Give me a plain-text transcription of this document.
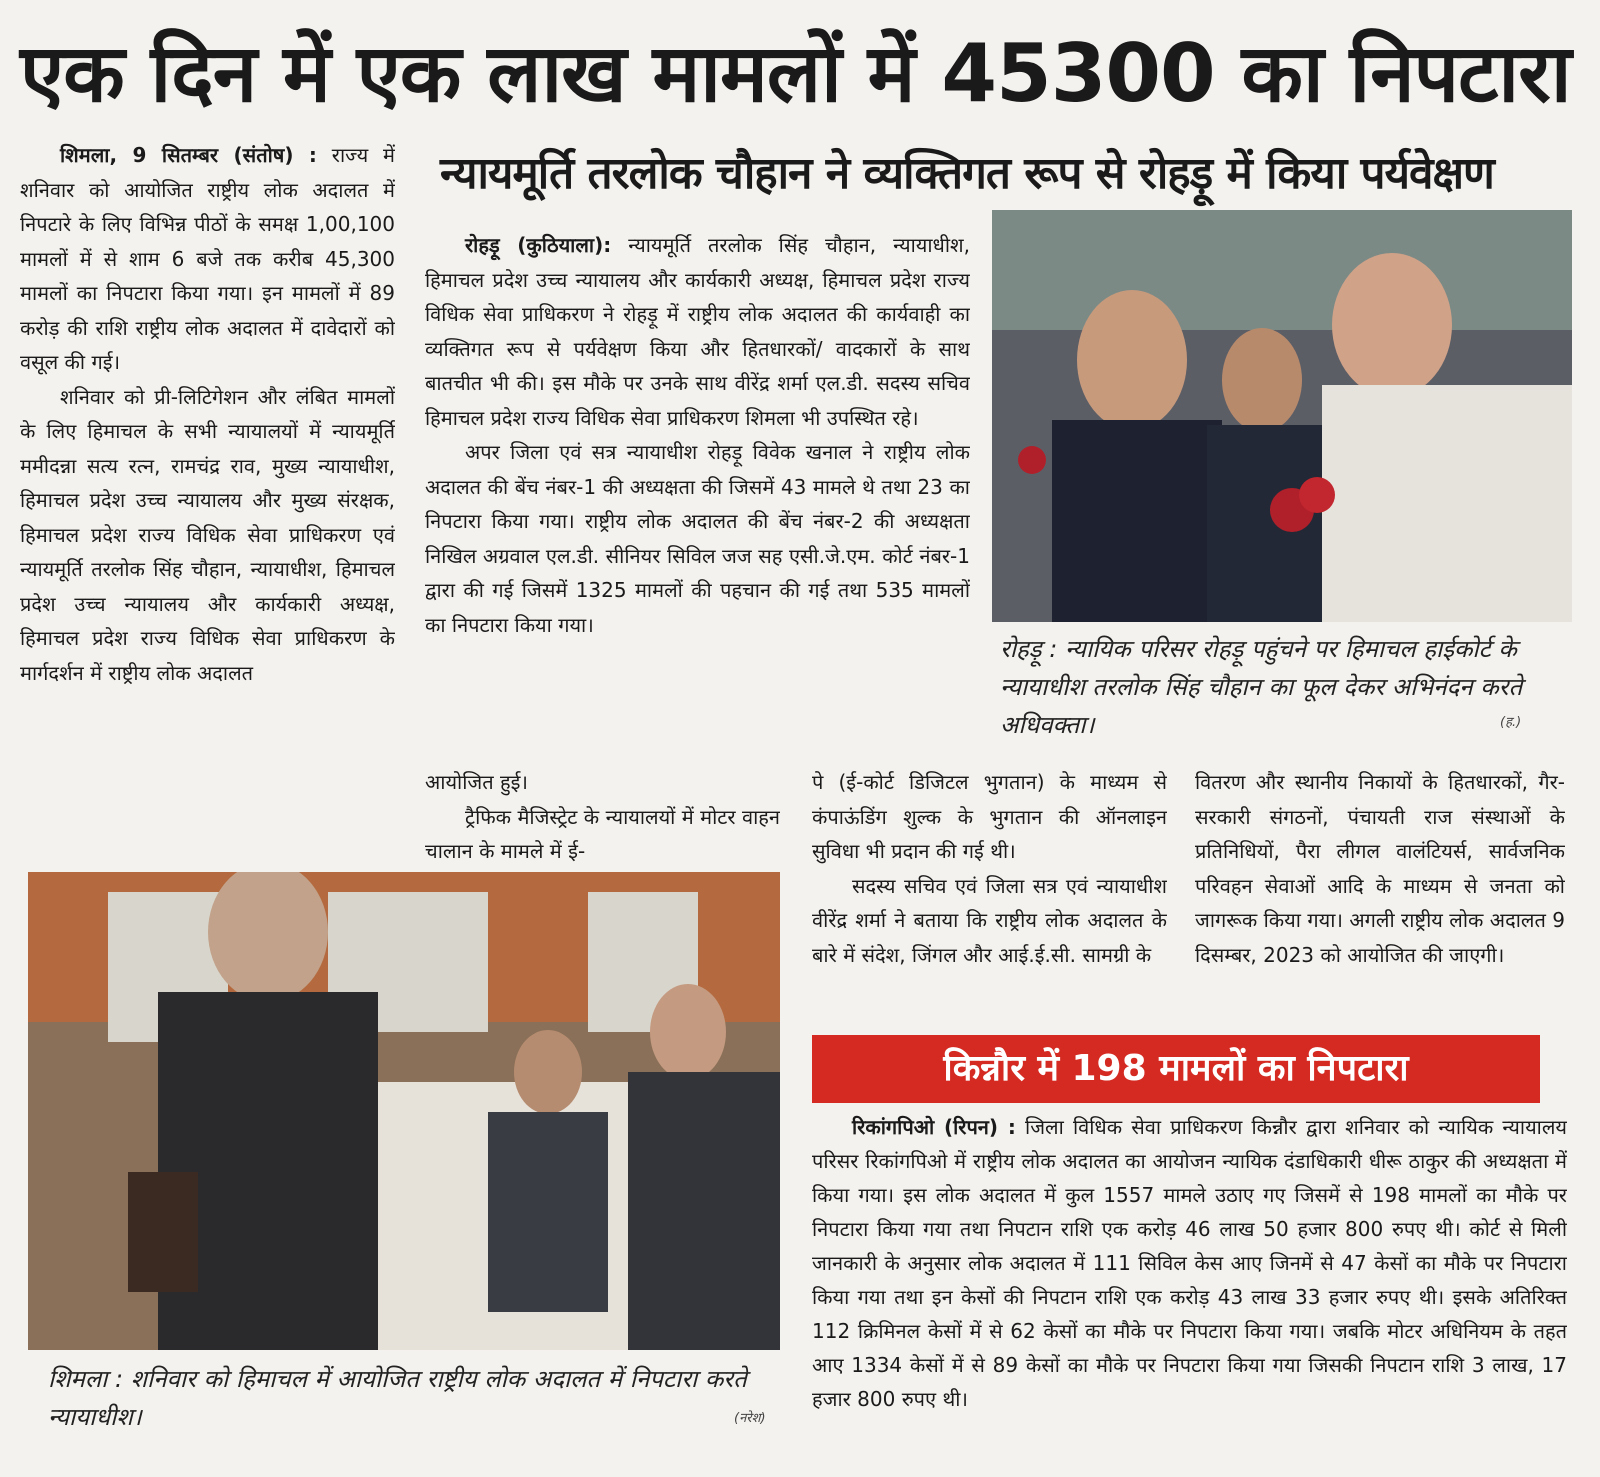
एक दिन में एक लाख मामलों में 45300 का निपटारा
न्यायमूर्ति तरलोक चौहान ने व्यक्तिगत रूप से रोहड़ू में किया पर्यवेक्षण

शिमला, 9 सितम्बर (संतोष) : राज्य में शनिवार को आयोजित राष्ट्रीय लोक अदालत में निपटारे के लिए विभिन्न पीठों के समक्ष 1,00,100 मामलों में से शाम 6 बजे तक करीब 45,300 मामलों का निपटारा किया गया। इन मामलों में 89 करोड़ की राशि राष्ट्रीय लोक अदालत में दावेदारों को वसूल की गई।

शनिवार को प्री-लिटिगेशन और लंबित मामलों के लिए हिमाचल के सभी न्यायालयों में न्यायमूर्ति ममीदन्ना सत्य रत्न, रामचंद्र राव, मुख्य न्यायाधीश, हिमाचल प्रदेश उच्च न्यायालय और मुख्य संरक्षक, हिमाचल प्रदेश राज्य विधिक सेवा प्राधिकरण एवं न्यायमूर्ति तरलोक सिंह चौहान, न्यायाधीश, हिमाचल प्रदेश उच्च न्यायालय और कार्यकारी अध्यक्ष, हिमाचल प्रदेश राज्य विधिक सेवा प्राधिकरण के मार्गदर्शन में राष्ट्रीय लोक अदालत

रोहड़ू (कुठियाला): न्यायमूर्ति तरलोक सिंह चौहान, न्यायाधीश, हिमाचल प्रदेश उच्च न्यायालय और कार्यकारी अध्यक्ष, हिमाचल प्रदेश राज्य विधिक सेवा प्राधिकरण ने रोहड़ू में राष्ट्रीय लोक अदालत की कार्यवाही का व्यक्तिगत रूप से पर्यवेक्षण किया और हितधारकों/ वादकारों के साथ बातचीत भी की। इस मौके पर उनके साथ वीरेंद्र शर्मा एल.डी. सदस्य सचिव हिमाचल प्रदेश राज्य विधिक सेवा प्राधिकरण शिमला भी उपस्थित रहे।

अपर जिला एवं सत्र न्यायाधीश रोहड़ू विवेक खनाल ने राष्ट्रीय लोक अदालत की बेंच नंबर-1 की अध्यक्षता की जिसमें 43 मामले थे तथा 23 का निपटारा किया गया। राष्ट्रीय लोक अदालत की बेंच नंबर-2 की अध्यक्षता निखिल अग्रवाल एल.डी. सीनियर सिविल जज सह एसी.जे.एम. कोर्ट नंबर-1 द्वारा की गई जिसमें 1325 मामलों की पहचान की गई तथा 535 मामलों का निपटारा किया गया।

रोहड़ू : न्यायिक परिसर रोहड़ू पहुंचने पर हिमाचल हाईकोर्ट के न्यायाधीश तरलोक सिंह चौहान का फूल देकर अभिनंदन करते अधिवक्ता।	(ह.)

आयोजित हुई।

ट्रैफिक मैजिस्ट्रेट के न्यायालयों में मोटर वाहन चालान के मामले में ई-

पे (ई-कोर्ट डिजिटल भुगतान) के माध्यम से कंपाऊंडिंग शुल्क के भुगतान की ऑनलाइन सुविधा भी प्रदान की गई थी।

सदस्य सचिव एवं जिला सत्र एवं न्यायाधीश वीरेंद्र शर्मा ने बताया कि राष्ट्रीय लोक अदालत के बारे में संदेश, जिंगल और आई.ई.सी. सामग्री के

वितरण और स्थानीय निकायों के हितधारकों, गैर-सरकारी संगठनों, पंचायती राज संस्थाओं के प्रतिनिधियों, पैरा लीगल वालंटियर्स, सार्वजनिक परिवहन सेवाओं आदि के माध्यम से जनता को जागरूक किया गया। अगली राष्ट्रीय लोक अदालत 9 दिसम्बर, 2023 को आयोजित की जाएगी।

शिमला : शनिवार को हिमाचल में आयोजित राष्ट्रीय लोक अदालत में निपटारा करते न्यायाधीश।	(नरेश)
किन्नौर में 198 मामलों का निपटारा

रिकांगपिओ (रिपन) : जिला विधिक सेवा प्राधिकरण किन्नौर द्वारा शनिवार को न्यायिक न्यायालय परिसर रिकांगपिओ में राष्ट्रीय लोक अदालत का आयोजन न्यायिक दंडाधिकारी धीरू ठाकुर की अध्यक्षता में किया गया। इस लोक अदालत में कुल 1557 मामले उठाए गए जिसमें से 198 मामलों का मौके पर निपटारा किया गया तथा निपटान राशि एक करोड़ 46 लाख 50 हजार 800 रुपए थी। कोर्ट से मिली जानकारी के अनुसार लोक अदालत में 111 सिविल केस आए जिनमें से 47 केसों का मौके पर निपटारा किया गया तथा इन केसों की निपटान राशि एक करोड़ 43 लाख 33 हजार रुपए थी। इसके अतिरिक्त 112 क्रिमिनल केसों में से 62 केसों का मौके पर निपटारा किया गया। जबकि मोटर अधिनियम के तहत आए 1334 केसों में से 89 केसों का मौके पर निपटारा किया गया जिसकी निपटान राशि 3 लाख, 17 हजार 800 रुपए थी।
